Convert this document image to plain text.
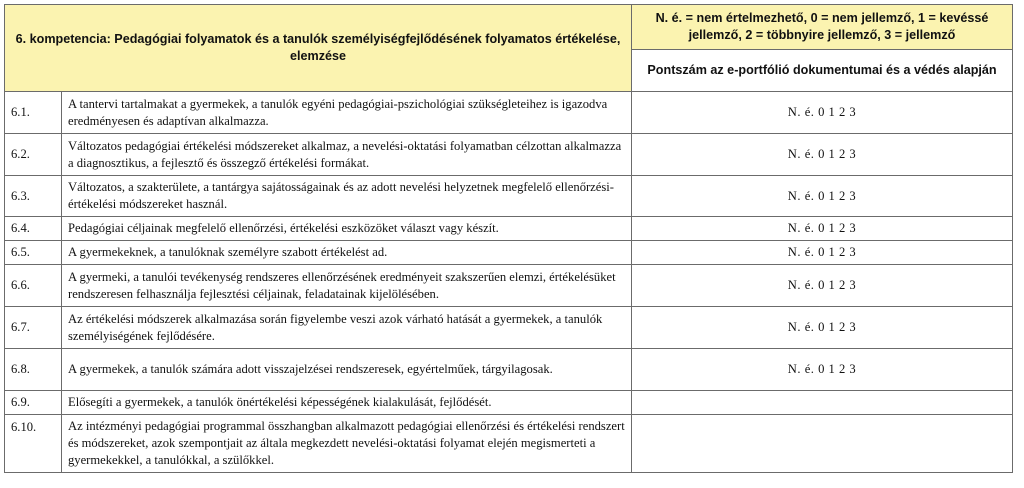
6. kompetencia: Pedagógiai folyamatok és a tanulók személyiségfejlődésének folyamatos értékelése, elemzése		N. é. = nem értelmezhető, 0 = nem jellemző, 1 = kevéssé jellemző, 2 = többnyire jellemző, 3 = jellemző
		Pontszám az e-portfólió dokumentumai és a védés alapján
6.1.	A tantervi tartalmakat a gyermekek, a tanulók egyéni pedagógiai-pszichológiai szükségleteihez is igazodva eredményesen és adaptívan alkalmazza.	N. é. 0 1 2 3
6.2.	Változatos pedagógiai értékelési módszereket alkalmaz, a nevelési-oktatási folyamatban célzottan alkalmazza a diagnosztikus, a fejlesztő és összegző értékelési formákat.	N. é. 0 1 2 3
6.3.	Változatos, a szakterülete, a tantárgya sajátosságainak és az adott nevelési helyzetnek megfelelő ellenőrzési-értékelési módszereket használ.	N. é. 0 1 2 3
6.4.	Pedagógiai céljainak megfelelő ellenőrzési, értékelési eszközöket választ vagy készít.	N. é. 0 1 2 3
6.5.	A gyermekeknek, a tanulóknak személyre szabott értékelést ad.	N. é. 0 1 2 3
6.6.	A gyermeki, a tanulói tevékenység rendszeres ellenőrzésének eredményeit szakszerűen elemzi, értékelésüket rendszeresen felhasználja fejlesztési céljainak, feladatainak kijelölésében.	N. é. 0 1 2 3
6.7.	Az értékelési módszerek alkalmazása során figyelembe veszi azok várható hatását a gyermekek, a tanulók személyiségének fejlődésére.	N. é. 0 1 2 3
6.8.	A gyermekek, a tanulók számára adott visszajelzései rendszeresek, egyértelműek, tárgyilagosak.	N. é. 0 1 2 3
6.9.	Elősegíti a gyermekek, a tanulók önértékelési képességének kialakulását, fejlődését.	
6.10.	Az intézményi pedagógiai programmal összhangban alkalmazott pedagógiai ellenőrzési és értékelési rendszert és módszereket, azok szempontjait az általa megkezdett nevelési-oktatási folyamat elején megismerteti a gyermekekkel, a tanulókkal, a szülőkkel.	
